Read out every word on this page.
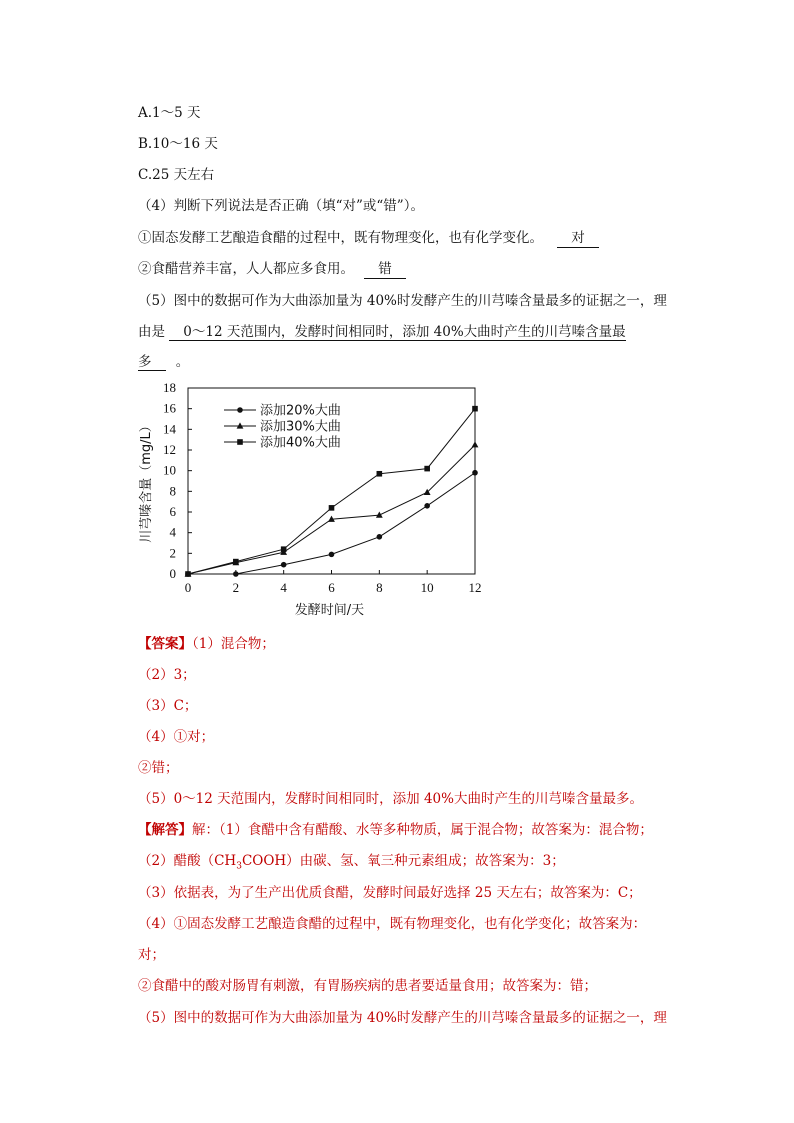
A.1～5 天
B.10～16 天
C.25 天左右
（4）判断下列说法是否正确（填“对”或“错”）。
①固态发酵工艺酿造食醋的过程中，既有物理变化，也有化学变化。 对
②食醋营养丰富，人人都应多食用。 错
（5）图中的数据可作为大曲添加量为 40%时发酵产生的川芎嗪含量最多的证据之一，理
由是 0～12 天范围内，发酵时间相同时，添加 40%大曲时产生的川芎嗪含量最
多 。
0	2	4	6	8	10	12
0
2
4
6
8
10
12
14
16
18
添加20%大曲
添加30%大曲
添加40%大曲
发酵时间/天
川芎嗪含量（mg/L）
【答案】（1）混合物；
（2）3；
（3）C；
（4）①对；
②错；
（5）0～12 天范围内，发酵时间相同时，添加 40%大曲时产生的川芎嗪含量最多。
【解答】解：（1）食醋中含有醋酸、水等多种物质，属于混合物；故答案为：混合物；
（2）醋酸$(CH_3COOH)$由碳、氢、氧三种元素组成；故答案为：3；
（3）依据表，为了生产出优质食醋，发酵时间最好选择 25 天左右；故答案为：C；
（4）①固态发酵工艺酿造食醋的过程中，既有物理变化，也有化学变化；故答案为：
对；
②食醋中的酸对肠胃有刺激，有胃肠疾病的患者要适量食用；故答案为：错；
（5）图中的数据可作为大曲添加量为 40%时发酵产生的川芎嗪含量最多的证据之一，理
